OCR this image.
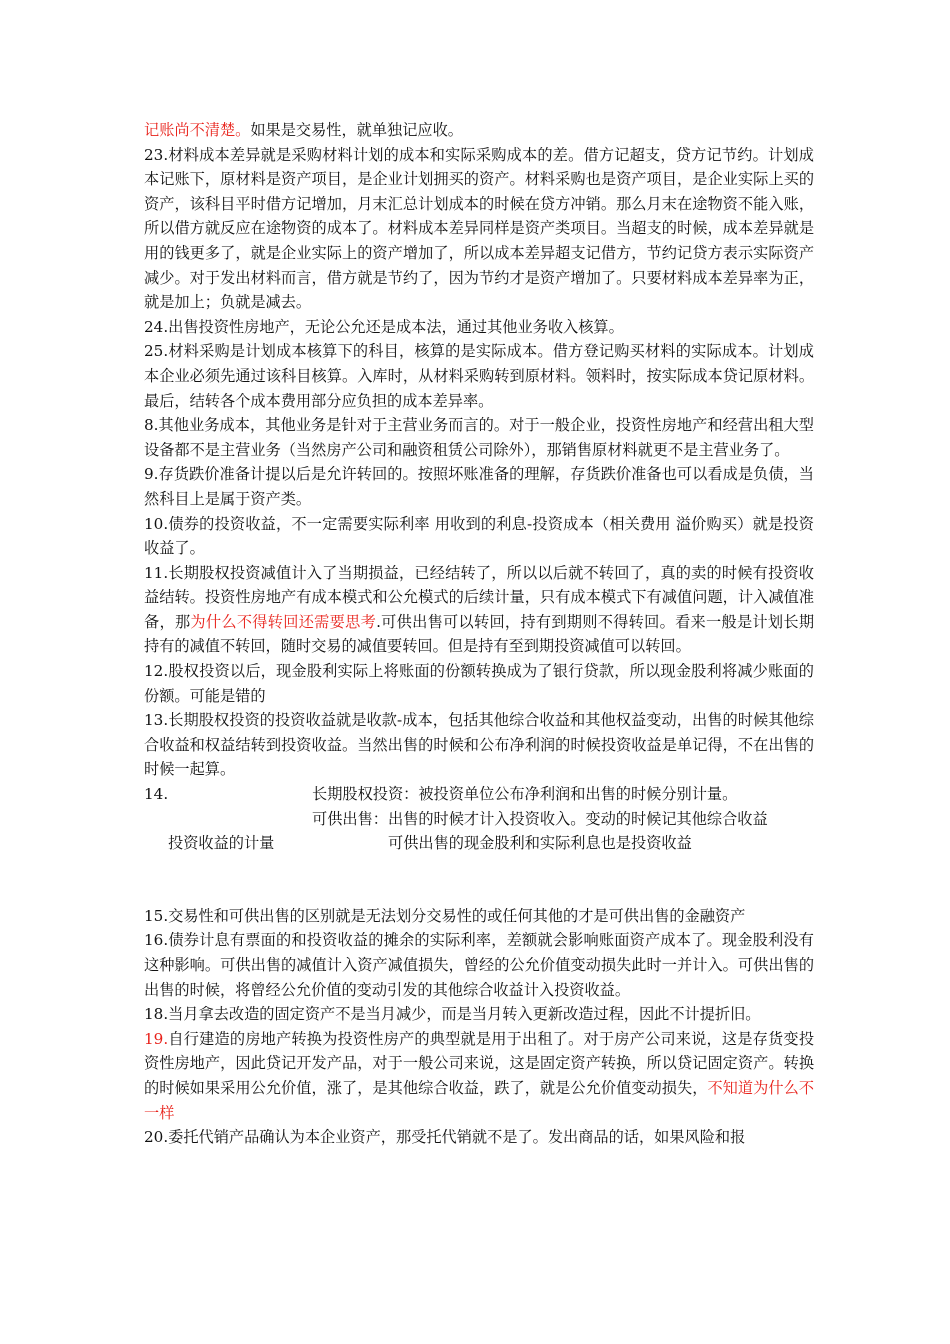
记账尚不清楚。如果是交易性，就单独记应收。

23.材料成本差异就是采购材料计划的成本和实际采购成本的差。借方记超支，贷方记节约。计划成本记账下，原材料是资产项目，是企业计划拥买的资产。材料采购也是资产项目，是企业实际上买的资产，该科目平时借方记增加，月末汇总计划成本的时候在贷方冲销。那么月末在途物资不能入账，所以借方就反应在途物资的成本了。材料成本差异同样是资产类项目。当超支的时候，成本差异就是用的钱更多了，就是企业实际上的资产增加了，所以成本差异超支记借方，节约记贷方表示实际资产减少。对于发出材料而言，借方就是节约了，因为节约才是资产增加了。只要材料成本差异率为正，就是加上；负就是减去。

24.出售投资性房地产，无论公允还是成本法，通过其他业务收入核算。

25.材料采购是计划成本核算下的科目，核算的是实际成本。借方登记购买材料的实际成本。计划成本企业必须先通过该科目核算。入库时，从材料采购转到原材料。领料时，按实际成本贷记原材料。最后，结转各个成本费用部分应负担的成本差异率。

8.其他业务成本，其他业务是针对于主营业务而言的。对于一般企业，投资性房地产和经营出租大型设备都不是主营业务（当然房产公司和融资租赁公司除外），那销售原材料就更不是主营业务了。

9.存货跌价准备计提以后是允许转回的。按照坏账准备的理解，存货跌价准备也可以看成是负债，当然科目上是属于资产类。

10.债券的投资收益，不一定需要实际利率 用收到的利息-投资成本（相关费用 溢价购买）就是投资收益了。

11.长期股权投资减值计入了当期损益，已经结转了，所以以后就不转回了，真的卖的时候有投资收益结转。投资性房地产有成本模式和公允模式的后续计量，只有成本模式下有减值问题，计入减值准备，那为什么不得转回还需要思考.可供出售可以转回，持有到期则不得转回。看来一般是计划长期持有的减值不转回，随时交易的减值要转回。但是持有至到期投资减值可以转回。

12.股权投资以后，现金股利实际上将账面的份额转换成为了银行贷款，所以现金股利将减少账面的份额。可能是错的

13.长期股权投资的投资收益就是收款-成本，包括其他综合收益和其他权益变动，出售的时候其他综合收益和权益结转到投资收益。当然出售的时候和公布净利润的时候投资收益是单记得，不在出售的时候一起算。

14.	长期股权投资：被投资单位公布净利润和出售的时候分别计量。
可供出售：出售的时候才计入投资收入。变动的时候记其他综合收益
投资收益的计量	可供出售的现金股利和实际利息也是投资收益

15.交易性和可供出售的区别就是无法划分交易性的或任何其他的才是可供出售的金融资产

16.债券计息有票面的和投资收益的摊余的实际利率，差额就会影响账面资产成本了。现金股利没有这种影响。可供出售的减值计入资产减值损失，曾经的公允价值变动损失此时一并计入。可供出售的出售的时候，将曾经公允价值的变动引发的其他综合收益计入投资收益。

18.当月拿去改造的固定资产不是当月减少，而是当月转入更新改造过程，因此不计提折旧。

19.自行建造的房地产转换为投资性房产的典型就是用于出租了。对于房产公司来说，这是存货变投资性房地产，因此贷记开发产品，对于一般公司来说，这是固定资产转换，所以贷记固定资产。转换的时候如果采用公允价值，涨了，是其他综合收益，跌了，就是公允价值变动损失，不知道为什么不一样

20.委托代销产品确认为本企业资产，那受托代销就不是了。发出商品的话，如果风险和报
